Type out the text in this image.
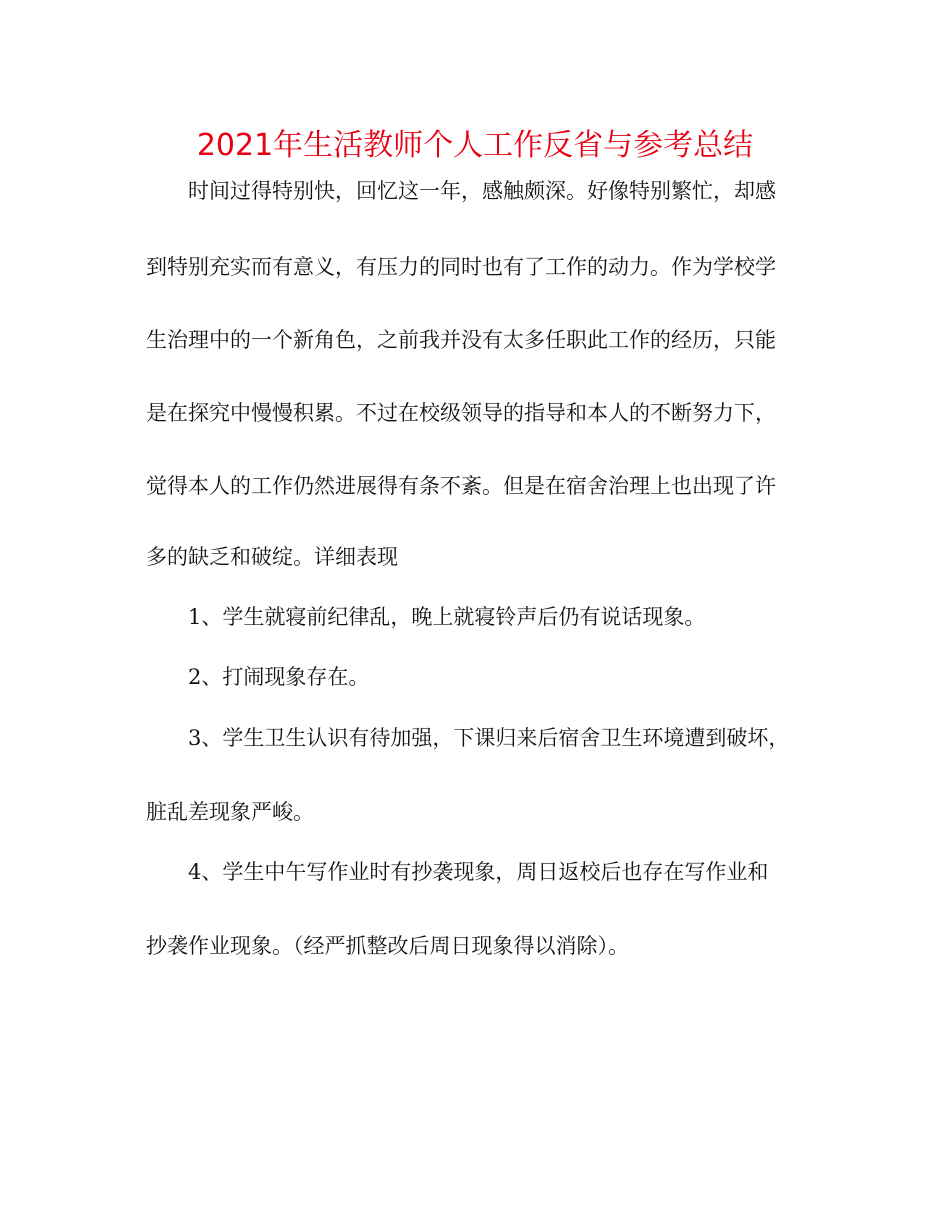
2021年生活教师个人工作反省与参考总结

时间过得特别快，回忆这一年，感触颇深。好像特别繁忙，却感

到特别充实而有意义，有压力的同时也有了工作的动力。作为学校学

生治理中的一个新角色，之前我并没有太多任职此工作的经历，只能

是在探究中慢慢积累。不过在校级领导的指导和本人的不断努力下，

觉得本人的工作仍然进展得有条不紊。但是在宿舍治理上也出现了许

多的缺乏和破绽。详细表现

1、学生就寝前纪律乱，晚上就寝铃声后仍有说话现象。

2、打闹现象存在。

3、学生卫生认识有待加强，下课归来后宿舍卫生环境遭到破坏，

脏乱差现象严峻。

4、学生中午写作业时有抄袭现象，周日返校后也存在写作业和

抄袭作业现象。（经严抓整改后周日现象得以消除）。
